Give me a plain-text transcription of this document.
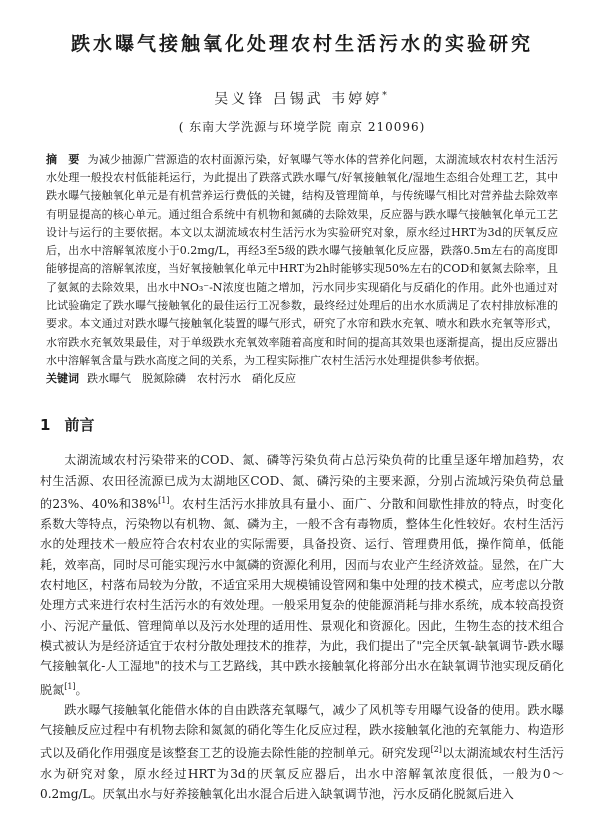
跌水曝气接触氧化处理农村生活污水的实验研究
吴义锋 吕锡武 韦婷婷*
( 东南大学洗源与环境学院 南京 210096)
摘　要 为减少抽源广营源造的农村面源污染，好氧曝气等水体的营养化问题，太湖流域农村农村生活污水处理一般投农村低能耗运行，为此提出了跌落式跌水曝气/好氧接触氧化/湿地生态组合处理工艺，其中跌水曝气接触氧化单元是有机营养运行费低的关键，结构及管理简单，与传统曝气相比对营养盐去除效率有明显提高的核心单元。通过组合系统中有机物和氮磷的去除效果，反应器与跌水曝气接触氧化单元工艺设计与运行的主要依据。本文以太湖流域农村生活污水为实验研究对象，原水经过HRT为3d的厌氧反应后，出水中溶解氧浓度小于0.2mg/L，再经3至5级的跌水曝气接触氧化反应器，跌落0.5m左右的高度即能够提高的溶解氧浓度，当好氧接触氧化单元中HRT为2h时能够实现50%左右的COD和氨氮去除率，且了氨氮的去除效果，出水中NO₃⁻-N浓度也随之增加，污水同步实现硝化与反硝化的作用。此外也通过对比试验确定了跌水曝气接触氧化的最佳运行工况参数，最终经过处理后的出水水质满足了农村排放标准的要求。本文通过对跌水曝气接触氧化装置的曝气形式，研究了水帘和跌水充氧、喷水和跌水充氧等形式，水帘跌水充氧效果最佳，对于单级跌水充氧效率随着高度和时间的提高其效果也逐渐提高，提出反应器出水中溶解氧含量与跌水高度之间的关系，为工程实际推广农村生活污水处理提供参考依据。
关键词 跌水曝气　脱氮除磷　农村污水　硝化反应
1 前言

太湖流域农村污染带来的COD、氮、磷等污染负荷占总污染负荷的比重呈逐年增加趋势，农村生活源、农田径流源已成为太湖地区COD、氮、磷污染的主要来源，分别占流域污染负荷总量的23%、40%和38%[1]。农村生活污水排放具有量小、面广、分散和间歇性排放的特点，时变化系数大等特点，污染物以有机物、氮、磷为主，一般不含有毒物质，整体生化性较好。农村生活污水的处理技术一般应符合农村农业的实际需要，具备投资、运行、管理费用低，操作简单，低能耗，效率高，同时尽可能实现污水中氮磷的资源化利用，因而与农业产生经济效益。显然，在广大农村地区，村落布局较为分散，不适宜采用大规模铺设管网和集中处理的技术模式，应考虑以分散处理方式来进行农村生活污水的有效处理。一般采用复杂的使能源消耗与排水系统，成本较高投资小、污泥产量低、管理简单以及污水处理的适用性、景观化和资源化。因此，生物生态的技术组合模式被认为是经济适宜于农村分散处理技术的推荐，为此，我们提出了"完全厌氧-缺氧调节-跌水曝气接触氧化-人工湿地"的技术与工艺路线，其中跌水接触氧化将部分出水在缺氧调节池实现反硝化脱氮[1]。

跌水曝气接触氧化能借水体的自由跌落充氧曝气，减少了风机等专用曝气设备的使用。跌水曝气接触反应过程中有机物去除和氮氮的硝化等生化反应过程，跌水接触氧化池的充氧能力、构造形式以及硝化作用强度是该整套工艺的设施去除性能的控制单元。研究发现[2]以太湖流域农村生活污水为研究对象，原水经过HRT为3d的厌氧反应器后，出水中溶解氧浓度很低，一般为0～0.2mg/L。厌氧出水与好养接触氧化出水混合后进入缺氧调节池，污水反硝化脱氮后进入
